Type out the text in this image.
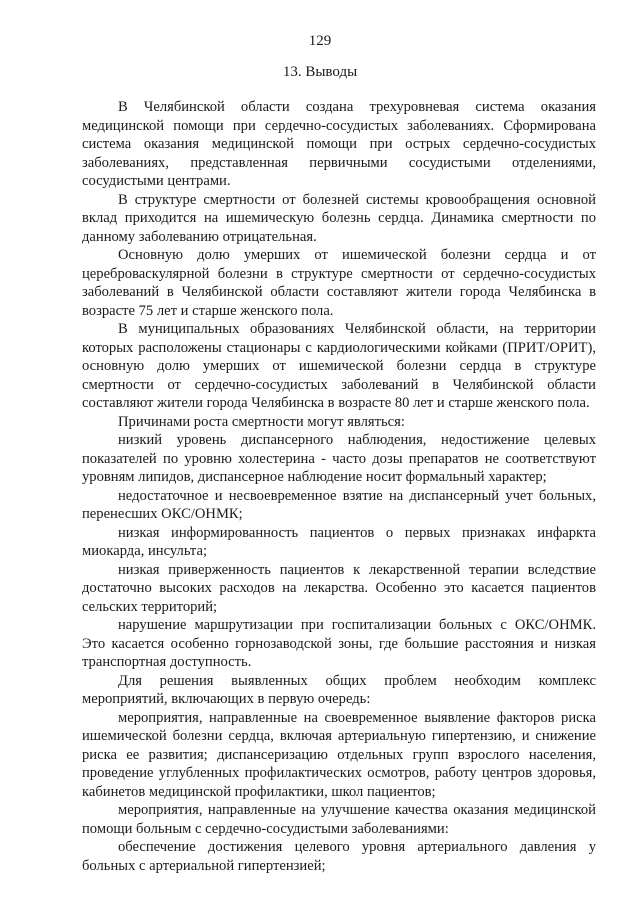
129
13. Выводы

В Челябинской области создана трехуровневая система оказания медицинской помощи при сердечно-сосудистых заболеваниях. Сформирована система оказания медицинской помощи при острых сердечно-сосудистых заболеваниях, представленная первичными сосудистыми отделениями, сосудистыми центрами.

В структуре смертности от болезней системы кровообращения основной вклад приходится на ишемическую болезнь сердца. Динамика смертности по данному заболеванию отрицательная.

Основную долю умерших от ишемической болезни сердца и от цереброваскулярной болезни в структуре смертности от сердечно-сосудистых заболеваний в Челябинской области составляют жители города Челябинска в возрасте 75 лет и старше женского пола.

В муниципальных образованиях Челябинской области, на территории которых расположены стационары с кардиологическими койками (ПРИТ/ОРИТ), основную долю умерших от ишемической болезни сердца в структуре смертности от сердечно-сосудистых заболеваний в Челябинской области составляют жители города Челябинска в возрасте 80 лет и старше женского пола.

Причинами роста смертности могут являться:

низкий уровень диспансерного наблюдения, недостижение целевых показателей по уровню холестерина - часто дозы препаратов не соответствуют уровням липидов, диспансерное наблюдение носит формальный характер;

недостаточное и несвоевременное взятие на диспансерный учет больных, перенесших ОКС/ОНМК;

низкая информированность пациентов о первых признаках инфаркта миокарда, инсульта;

низкая приверженность пациентов к лекарственной терапии вследствие достаточно высоких расходов на лекарства. Особенно это касается пациентов сельских территорий;

нарушение маршрутизации при госпитализации больных с ОКС/ОНМК. Это касается особенно горнозаводской зоны, где большие расстояния и низкая транспортная доступность.

Для решения выявленных общих проблем необходим комплекс мероприятий, включающих в первую очередь:

мероприятия, направленные на своевременное выявление факторов риска ишемической болезни сердца, включая артериальную гипертензию, и снижение риска ее развития; диспансеризацию отдельных групп взрослого населения, проведение углубленных профилактических осмотров, работу центров здоровья, кабинетов медицинской профилактики, школ пациентов;

мероприятия, направленные на улучшение качества оказания медицинской помощи больным с сердечно-сосудистыми заболеваниями:

обеспечение достижения целевого уровня артериального давления у больных с артериальной гипертензией;
